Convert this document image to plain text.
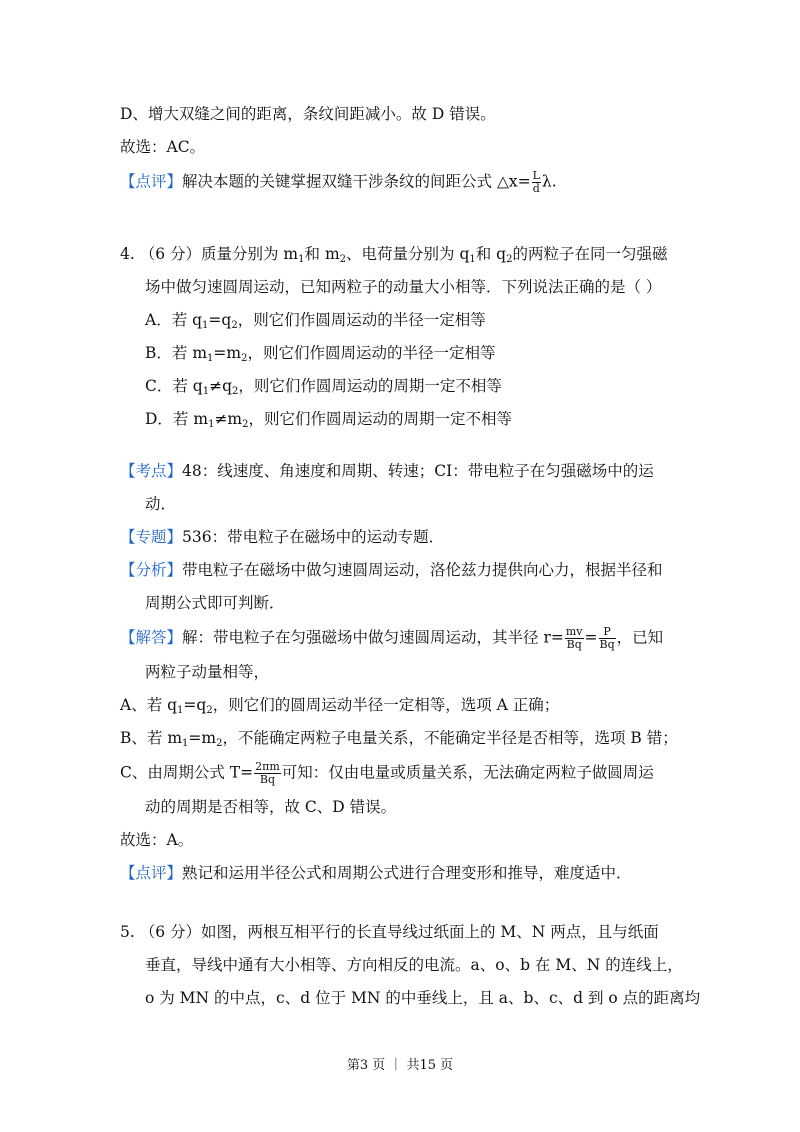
D、增大双缝之间的距离，条纹间距减小。故 D 错误。
故选：AC。
【点评】解决本题的关键掌握双缝干涉条纹的间距公式 △x= $\frac{L}{d} \lambda$.
4. （6 分）质量分别为 $m_1$和 $m_2$、电荷量分别为 $q_1$和 $q_2$的两粒子在同一匀强磁
场中做匀速圆周运动，已知两粒子的动量大小相等．下列说法正确的是（ ）
A．若 $q_1=q_2$，则它们作圆周运动的半径一定相等
B．若 $m_1=m_2$，则它们作圆周运动的半径一定相等
C．若 $q_1\ne q_2$，则它们作圆周运动的周期一定不相等
D．若 $m_1\ne m_2$，则它们作圆周运动的周期一定不相等
【考点】48：线速度、角速度和周期、转速；CI：带电粒子在匀强磁场中的运
动．
【专题】536：带电粒子在磁场中的运动专题．
【分析】带电粒子在磁场中做匀速圆周运动，洛伦兹力提供向心力，根据半径和
周期公式即可判断．
【解答】解：带电粒子在匀强磁场中做匀速圆周运动，其半径 $r= \frac{mv}{Bq} = \frac{P}{Bq}$ ，已知
两粒子动量相等，
A、若 $q_1=q_2$，则它们的圆周运动半径一定相等，选项 A 正确；
B、若 $m_1=m_2$，不能确定两粒子电量关系，不能确定半径是否相等，选项 B 错；
C、由周期公式 $T= \frac{2\pi m}{Bq}$ 可知：仅由电量或质量关系，无法确定两粒子做圆周运
动的周期是否相等，故 C、D 错误。
故选：A。
【点评】熟记和运用半径公式和周期公式进行合理变形和推导，难度适中．
5. （6 分）如图，两根互相平行的长直导线过纸面上的 M、N 两点，且与纸面
垂直，导线中通有大小相等、方向相反的电流。a、o、b 在 M、N 的连线上，
o 为 MN 的中点，c、d 位于 MN 的中垂线上，且 a、b、c、d 到 o 点的距离均
第3 页 ｜ 共15 页
